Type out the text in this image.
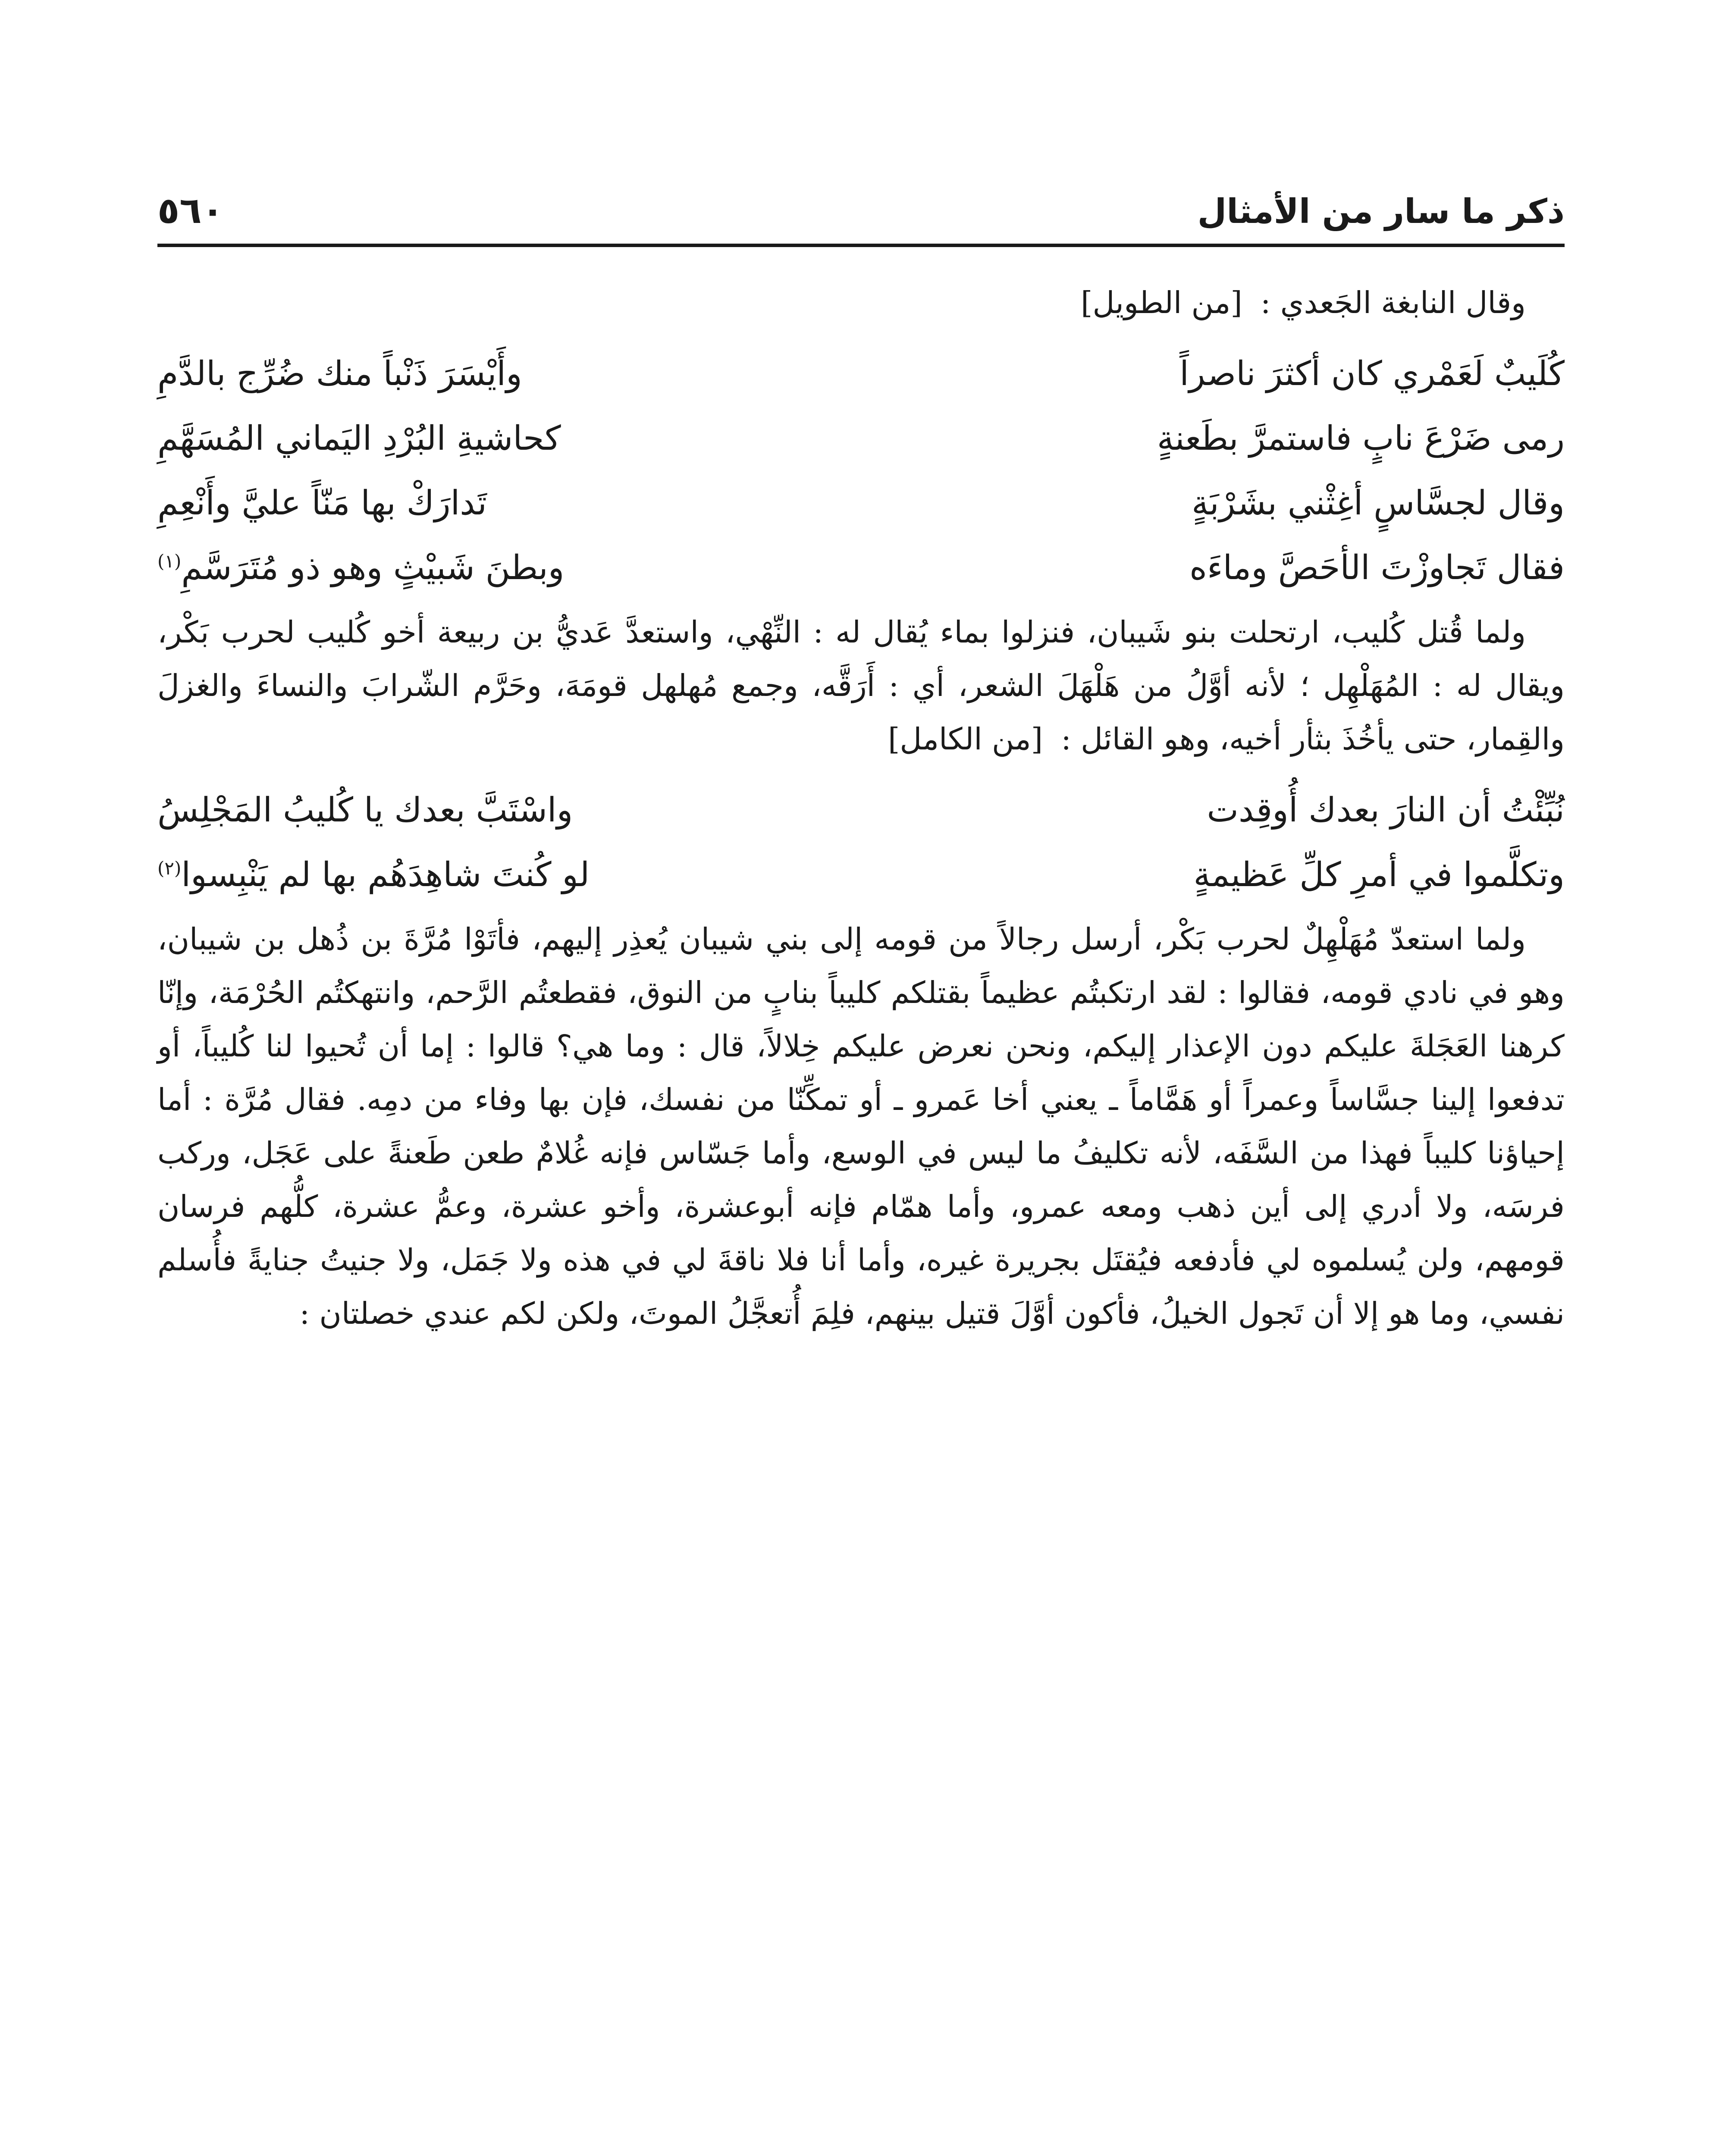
ذكر ما سار من الأمثال
٥٦٠

وقال النابغة الجَعدي : [من الطويل]

كُلَيبٌ لَعَمْري كان أكثرَ ناصراً
وأَيْسَرَ ذَنْباً منك ضُرِّج بالدَّمِ
رمى ضَرْعَ نابٍ فاستمرَّ بطَعنةٍ
كحاشيةِ البُرْدِ اليَماني المُسَهَّمِ
وقال لجسَّاسٍ أغِثْني بشَرْبَةٍ
تَدارَكْ بها مَنّاً عليَّ وأَنْعِمِ
فقال تَجاوزْتَ الأحَصَّ وماءَه
وبطنَ شَبيْثٍ وهو ذو مُتَرَسَّمِ$^{(١)}$

ولما قُتل كُليب، ارتحلت بنو شَيبان، فنزلوا بماء يُقال له : النِّهْي، واستعدَّ عَديُّ بن ربيعة أخو كُليب لحرب بَكْر، ويقال له : المُهَلْهِل ؛ لأنه أوَّلُ من هَلْهَلَ الشعر، أي : أَرَقَّه، وجمع مُهلهل قومَهَ، وحَرَّم الشّرابَ والنساءَ والغزلَ والقِمار، حتى يأخُذَ بثأر أخيه، وهو القائل : [من الكامل]

نُبِّئْتُ أن النارَ بعدك أُوقِدت
واسْتَبَّ بعدك يا كُليبُ المَجْلِسُ
وتكلَّموا في أمرِ كلِّ عَظيمةٍ
لو كُنتَ شاهِدَهُم بها لم يَنْبِسوا$^{(٢)}$

ولما استعدّ مُهَلْهِلٌ لحرب بَكْر، أرسل رجالاً من قومه إلى بني شيبان يُعذِر إليهم، فأتَوْا مُرَّةَ بن ذُهل بن شيبان، وهو في نادي قومه، فقالوا : لقد ارتكبتُم عظيماً بقتلكم كليباً بنابٍ من النوق، فقطعتُم الرَّحم، وانتهكتُم الحُرْمَة، وإنّا كرهنا العَجَلةَ عليكم دون الإعذار إليكم، ونحن نعرض عليكم خِلالاً، قال : وما هي؟ قالوا : إما أن تُحيوا لنا كُليباً، أو تدفعوا إلينا جسَّاساً وعمراً أو هَمَّاماً ـ يعني أخا عَمرو ـ أو تمكِّنّا من نفسك، فإن بها وفاء من دمِه. فقال مُرَّة : أما إحياؤنا كليباً فهذا من السَّفَه، لأنه تكليفُ ما ليس في الوسع، وأما جَسّاس فإنه غُلامٌ طعن طَعنةً على عَجَل، وركب فرسَه، ولا أدري إلى أين ذهب ومعه عمرو، وأما همّام فإنه أبوعشرة، وأخو عشرة، وعمُّ عشرة، كلُّهم فرسان قومهم، ولن يُسلموه لي فأدفعه فيُقتَل بجريرة غيره، وأما أنا فلا ناقةَ لي في هذه ولا جَمَل، ولا جنيتُ جنايةً فأُسلم نفسي، وما هو إلا أن تَجول الخيلُ، فأكون أوَّلَ قتيل بينهم، فلِمَ أُتعجَّلُ الموتَ، ولكن لكم عندي خصلتان :
